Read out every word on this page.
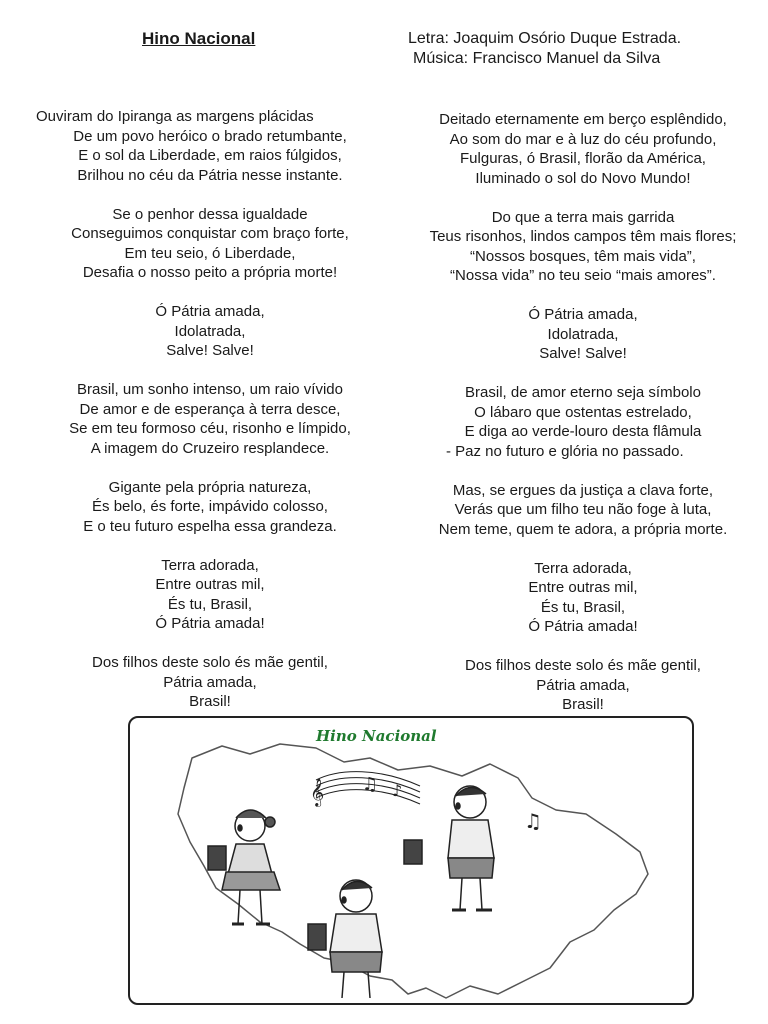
Hino Nacional	Letra: Joaquim Osório Duque Estrada.
Música: Francisco Manuel da Silva
Ouviram do Ipiranga as margens plácidas
De um povo heróico o brado retumbante,
E o sol da Liberdade, em raios fúlgidos,
Brilhou no céu da Pátria nesse instante.
Se o penhor dessa igualdade
Conseguimos conquistar com braço forte,
Em teu seio, ó Liberdade,
Desafia o nosso peito a própria morte!
Ó Pátria amada,
Idolatrada,
Salve! Salve!
Brasil, um sonho intenso, um raio vívido
De amor e de esperança à terra desce,
Se em teu formoso céu, risonho e límpido,
A imagem do Cruzeiro resplandece.
Gigante pela própria natureza,
És belo, és forte, impávido colosso,
E o teu futuro espelha essa grandeza.
Terra adorada,
Entre outras mil,
És tu, Brasil,
Ó Pátria amada!
Dos filhos deste solo és mãe gentil,
Pátria amada,
Brasil!
Deitado eternamente em berço esplêndido,
Ao som do mar e à luz do céu profundo,
Fulguras, ó Brasil, florão da América,
Iluminado o sol do Novo Mundo!
Do que a terra mais garrida
Teus risonhos, lindos campos têm mais flores;
“Nossos bosques, têm mais vida”,
“Nossa vida” no teu seio “mais amores”.
Ó Pátria amada,
Idolatrada,
Salve! Salve!
Brasil, de amor eterno seja símbolo
O lábaro que ostentas estrelado,
E diga ao verde-louro desta flâmula
- Paz no futuro e glória no passado.
Mas, se ergues da justiça a clava forte,
Verás que um filho teu não foge à luta,
Nem teme, quem te adora, a própria morte.
Terra adorada,
Entre outras mil,
És tu, Brasil,
Ó Pátria amada!
Dos filhos deste solo és mãe gentil,
Pátria amada,
Brasil!
Hino Nacional
𝄞 ♫ ♪
♫
